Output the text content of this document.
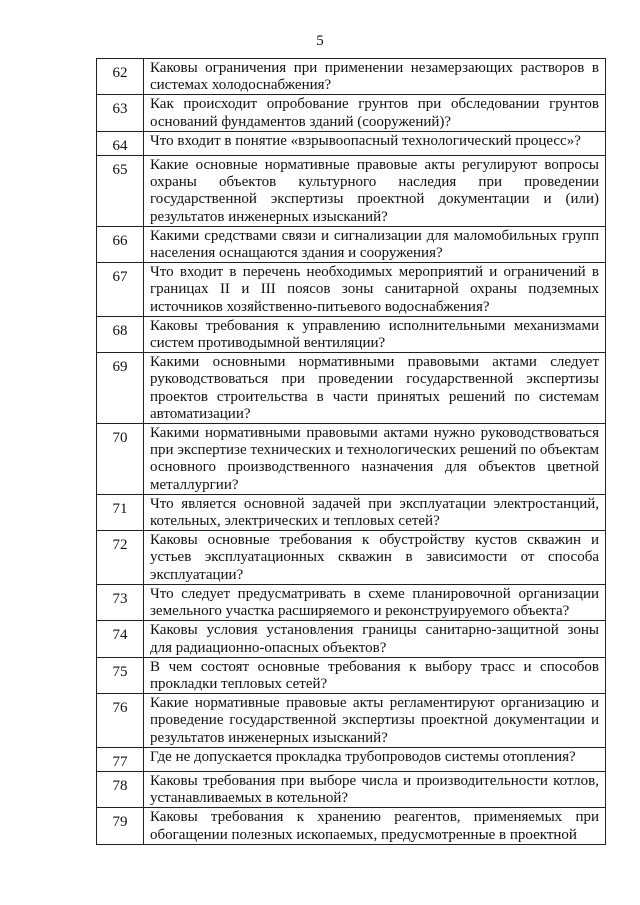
5
62	Каковы ограничения при применении незамерзающих растворов в системах холодоснабжения?
63	Как происходит опробование грунтов при обследовании грунтов оснований фундаментов зданий (сооружений)?
64	Что входит в понятие «взрывоопасный технологический процесс»?
65	Какие основные нормативные правовые акты регулируют вопросы охраны объектов культурного наследия при проведении государственной экспертизы проектной документации и (или) результатов инженерных изысканий?
66	Какими средствами связи и сигнализации для маломобильных групп населения оснащаются здания и сооружения?
67	Что входит в перечень необходимых мероприятий и ограничений в границах II и III поясов зоны санитарной охраны подземных источников хозяйственно-питьевого водоснабжения?
68	Каковы требования к управлению исполнительными механизмами систем противодымной вентиляции?
69	Какими основными нормативными правовыми актами следует руководствоваться при проведении государственной экспертизы проектов строительства в части принятых решений по системам автоматизации?
70	Какими нормативными правовыми актами нужно руководствоваться при экспертизе технических и технологических решений по объектам основного производственного назначения для объектов цветной металлургии?
71	Что является основной задачей при эксплуатации электростанций, котельных, электрических и тепловых сетей?
72	Каковы основные требования к обустройству кустов скважин и устьев эксплуатационных скважин в зависимости от способа эксплуатации?
73	Что следует предусматривать в схеме планировочной организации земельного участка расширяемого и реконструируемого объекта?
74	Каковы условия установления границы санитарно-защитной зоны для радиационно-опасных объектов?
75	В чем состоят основные требования к выбору трасс и способов прокладки тепловых сетей?
76	Какие нормативные правовые акты регламентируют организацию и проведение государственной экспертизы проектной документации и результатов инженерных изысканий?
77	Где не допускается прокладка трубопроводов системы отопления?
78	Каковы требования при выборе числа и производительности котлов, устанавливаемых в котельной?
79	Каковы требования к хранению реагентов, применяемых при обогащении полезных ископаемых, предусмотренные в проектной
